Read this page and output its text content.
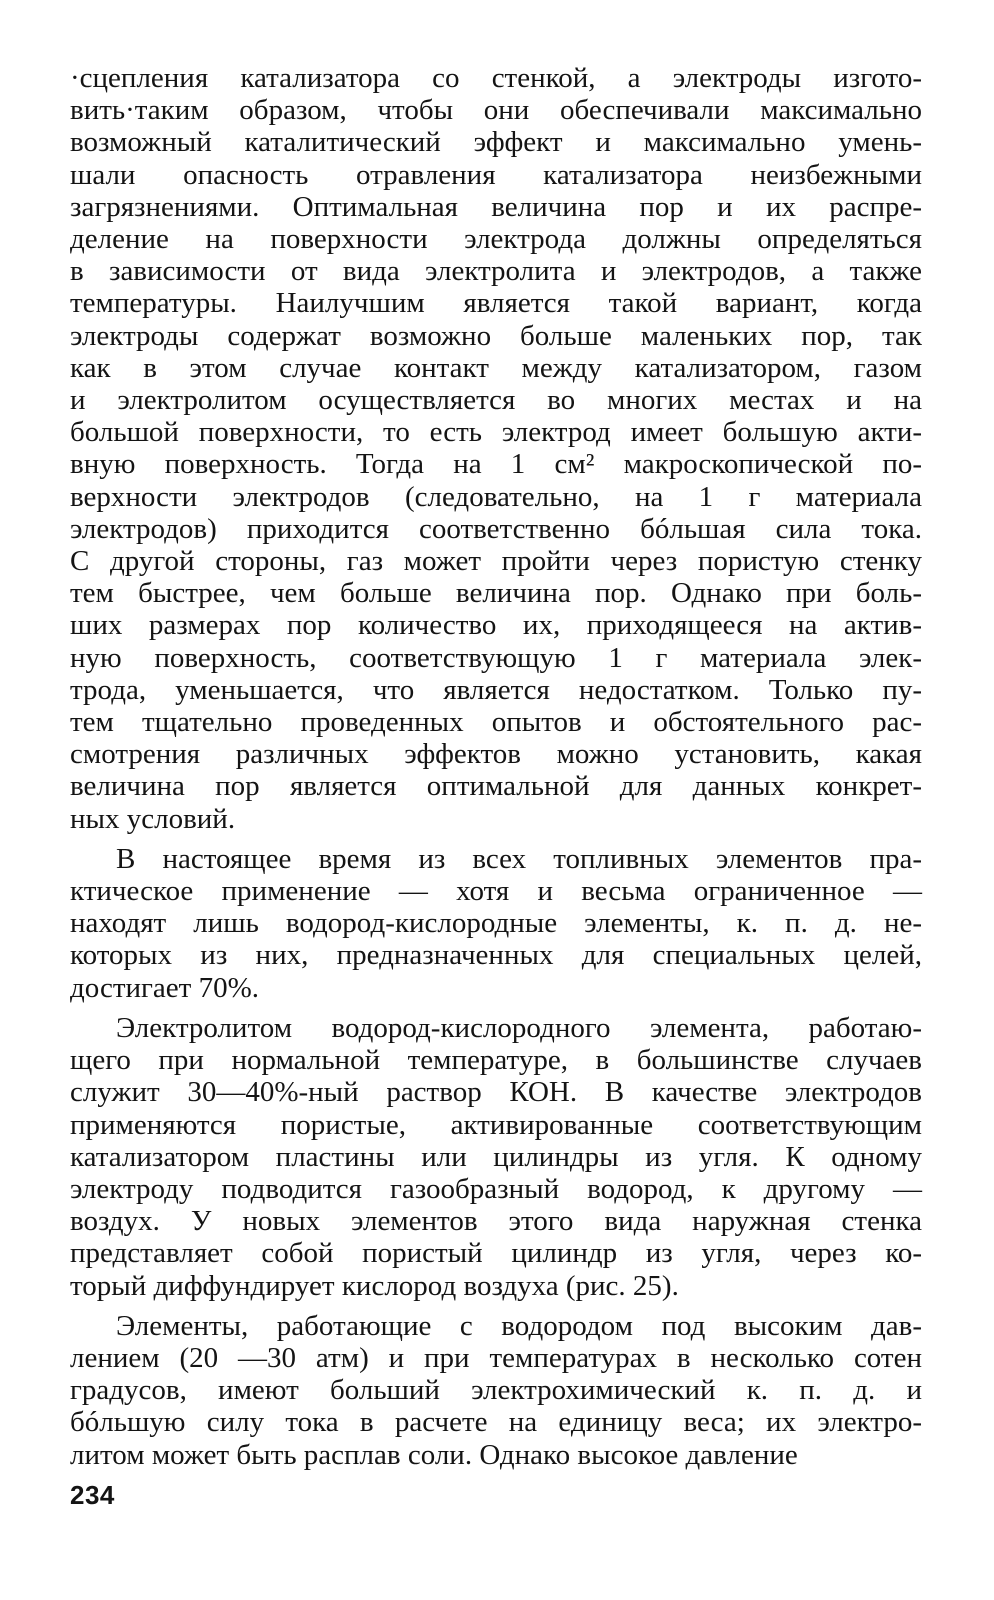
·сцепления катализатора со стенкой, а электроды изгото-
вить·таким образом, чтобы они обеспечивали максимально
возможный каталитический эффект и максимально умень-
шали опасность отравления катализатора неизбежными
загрязнениями. Оптимальная величина пор и их распре-
деление на поверхности электрода должны определяться
в зависимости от вида электролита и электродов, а также
температуры. Наилучшим является такой вариант, когда
электроды содержат возможно больше маленьких пор, так
как в этом случае контакт между катализатором, газом
и электролитом осуществляется во многих местах и на
большой поверхности, то есть электрод имеет большую акти-
вную поверхность. Тогда на 1 см² макроскопической по-
верхности электродов (следовательно, на 1 г материала
электродов) приходится соответственно бóльшая сила тока.
С другой стороны, газ может пройти через пористую стенку
тем быстрее, чем больше величина пор. Однако при боль-
ших размерах пор количество их, приходящееся на актив-
ную поверхность, соответствующую 1 г материала элек-
трода, уменьшается, что является недостатком. Только пу-
тем тщательно проведенных опытов и обстоятельного рас-
смотрения различных эффектов можно установить, какая
величина пор является оптимальной для данных конкрет-
ных условий.
В настоящее время из всех топливных элементов пра-
ктическое применение — хотя и весьма ограниченное —
находят лишь водород-кислородные элементы, к. п. д. не-
которых из них, предназначенных для специальных целей,
достигает 70%.
Электролитом водород-кислородного элемента, работаю-
щего при нормальной температуре, в большинстве случаев
служит 30—40%-ный раствор КОН. В качестве электродов
применяются пористые, активированные соответствующим
катализатором пластины или цилиндры из угля. К одному
электроду подводится газообразный водород, к другому —
воздух. У новых элементов этого вида наружная стенка
представляет собой пористый цилиндр из угля, через ко-
торый диффундирует кислород воздуха (рис. 25).
Элементы, работающие с водородом под высоким дав-
лением (20 —30 атм) и при температурах в несколько сотен
градусов, имеют больший электрохимический к. п. д. и
бóльшую силу тока в расчете на единицу веса; их электро-
литом может быть расплав соли. Однако высокое давление
234
